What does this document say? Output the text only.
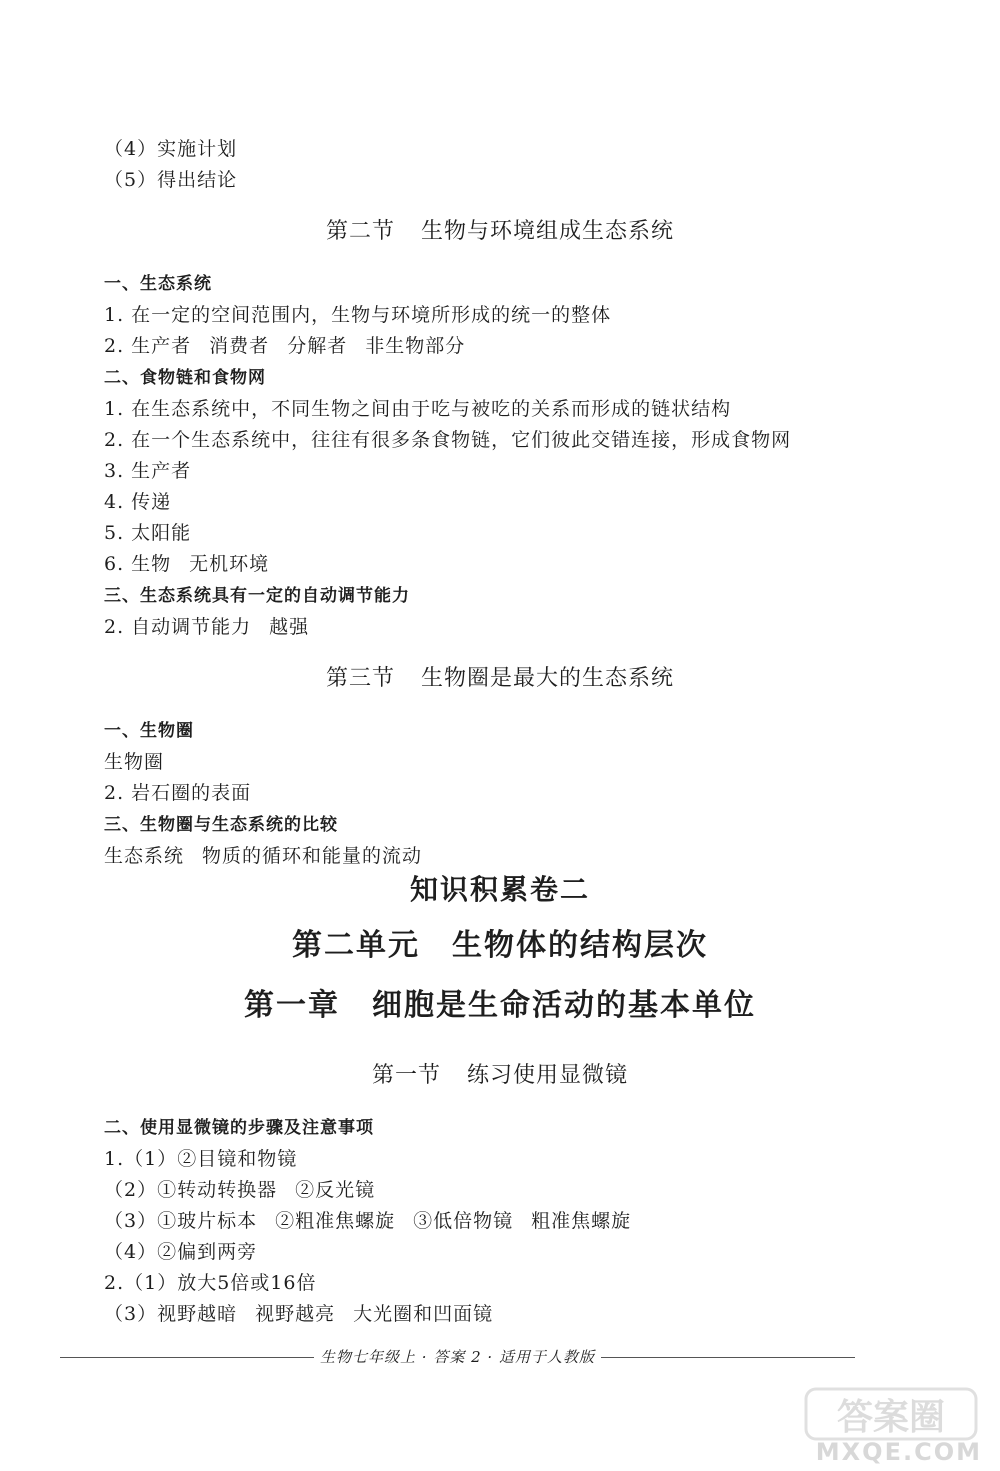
（4）实施计划
（5）得出结论
第二节 生物与环境组成生态系统
一、生态系统
1. 在一定的空间范围内，生物与环境所形成的统一的整体
2. 生产者 消费者 分解者 非生物部分
二、食物链和食物网
1. 在生态系统中，不同生物之间由于吃与被吃的关系而形成的链状结构
2. 在一个生态系统中，往往有很多条食物链，它们彼此交错连接，形成食物网
3. 生产者
4. 传递
5. 太阳能
6. 生物 无机环境
三、生态系统具有一定的自动调节能力
2. 自动调节能力 越强
第三节 生物圈是最大的生态系统
一、生物圈
生物圈
2. 岩石圈的表面
三、生物圈与生态系统的比较
生态系统 物质的循环和能量的流动
知识积累卷二
第二单元 生物体的结构层次
第一章 细胞是生命活动的基本单位
第一节 练习使用显微镜
二、使用显微镜的步骤及注意事项
1.（1）②目镜和物镜
（2）①转动转换器 ②反光镜
（3）①玻片标本 ②粗准焦螺旋 ③低倍物镜 粗准焦螺旋
（4）②偏到两旁
2.（1）放大5倍或16倍
（3）视野越暗 视野越亮 大光圈和凹面镜
生物七年级上 · 答案 2 · 适用于人教版
答案圈
MXQE.COM
